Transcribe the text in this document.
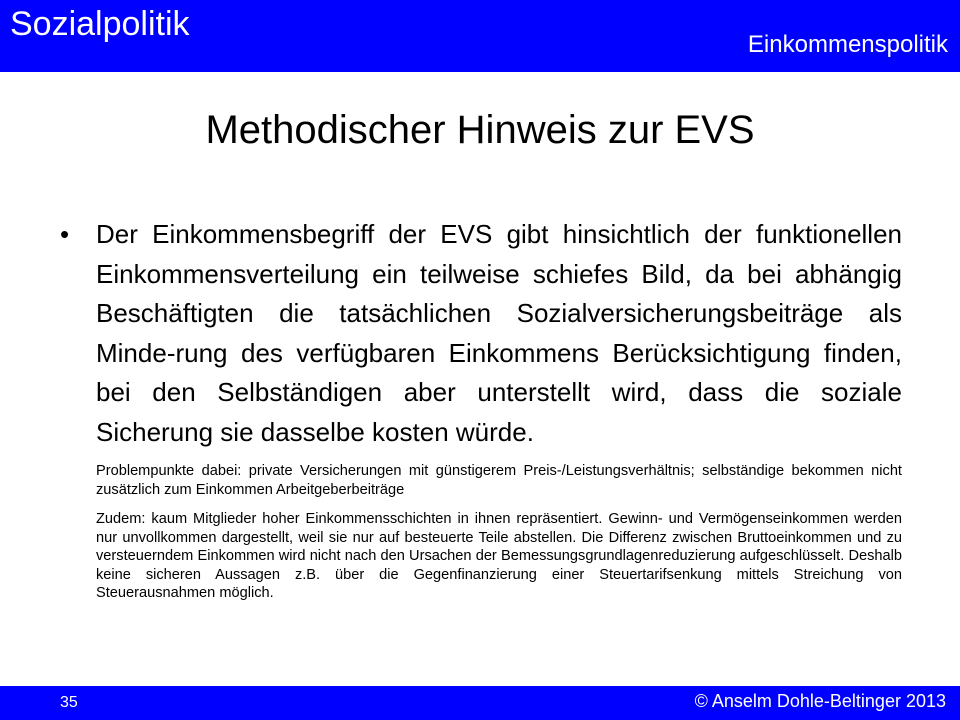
Sozialpolitik
Einkommenspolitik
Methodischer Hinweis zur EVS
•	Der Einkommensbegriff der EVS gibt hinsichtlich der funktionellen Einkommensverteilung ein teilweise schiefes Bild, da bei abhängig Beschäftigten die tatsächlichen Sozialversicherungsbeiträge als Minde-rung des verfügbaren Einkommens Berücksichtigung finden, bei den Selbständigen aber unterstellt wird, dass die soziale Sicherung sie dasselbe kosten würde.
Problempunkte dabei: private Versicherungen mit günstigerem Preis-/Leistungsverhältnis; selbständige bekommen nicht zusätzlich zum Einkommen Arbeitgeberbeiträge
Zudem: kaum Mitglieder hoher Einkommensschichten in ihnen repräsentiert. Gewinn- und Vermögenseinkommen werden nur unvollkommen dargestellt, weil sie nur auf besteuerte Teile abstellen. Die Differenz zwischen Bruttoeinkommen und zu versteuerndem Einkommen wird nicht nach den Ursachen der Bemessungsgrundlagenreduzierung aufgeschlüsselt. Deshalb keine sicheren Aussagen z.B. über die Gegenfinanzierung einer Steuertarifsenkung mittels Streichung von Steuerausnahmen möglich.
35	© Anselm Dohle-Beltinger 2013
